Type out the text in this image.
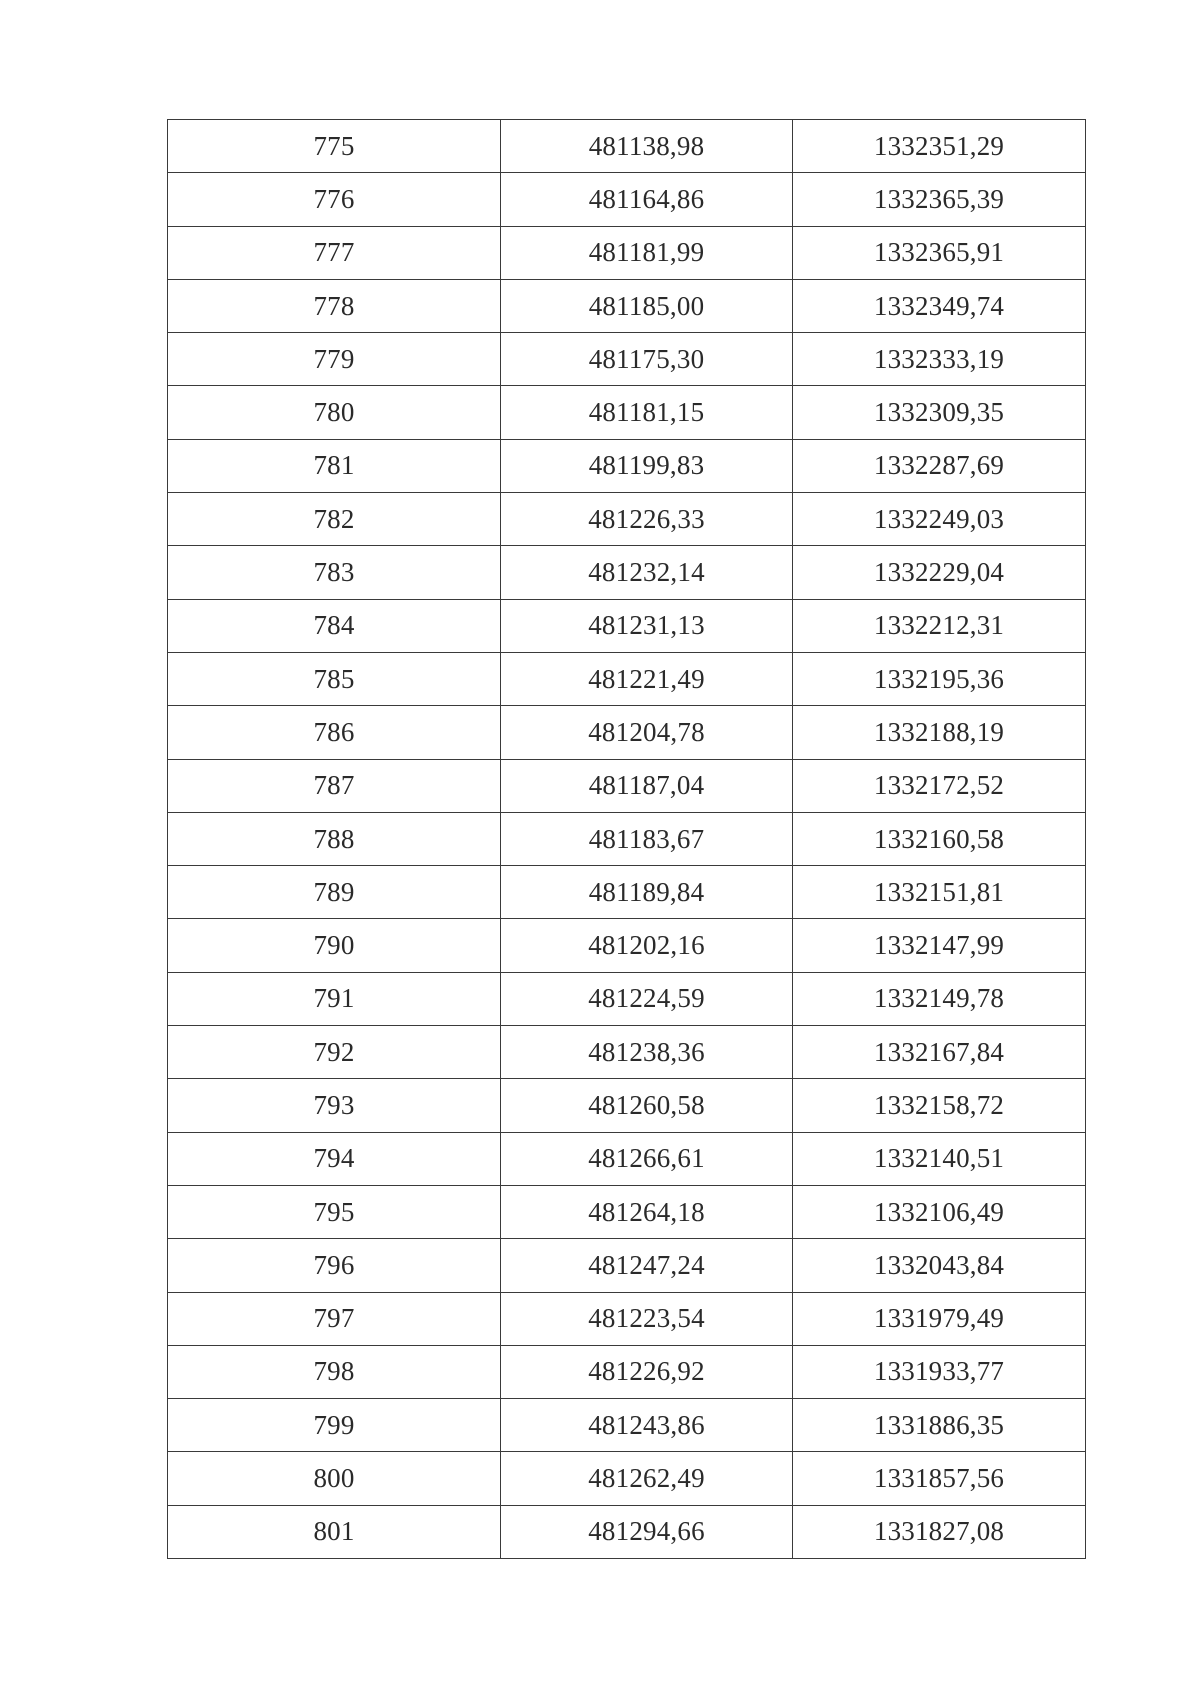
775	481138,98	1332351,29
776	481164,86	1332365,39
777	481181,99	1332365,91
778	481185,00	1332349,74
779	481175,30	1332333,19
780	481181,15	1332309,35
781	481199,83	1332287,69
782	481226,33	1332249,03
783	481232,14	1332229,04
784	481231,13	1332212,31
785	481221,49	1332195,36
786	481204,78	1332188,19
787	481187,04	1332172,52
788	481183,67	1332160,58
789	481189,84	1332151,81
790	481202,16	1332147,99
791	481224,59	1332149,78
792	481238,36	1332167,84
793	481260,58	1332158,72
794	481266,61	1332140,51
795	481264,18	1332106,49
796	481247,24	1332043,84
797	481223,54	1331979,49
798	481226,92	1331933,77
799	481243,86	1331886,35
800	481262,49	1331857,56
801	481294,66	1331827,08
